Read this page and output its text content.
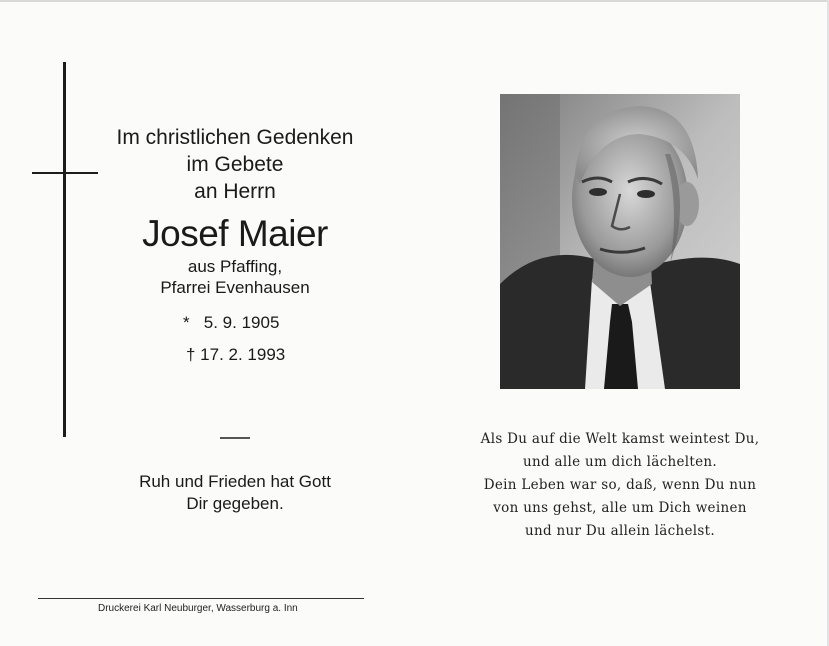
Im christlichen Gedenken
im Gebete
an Herrn
Josef Maier
aus Pfaffing,
Pfarrei Evenhausen
*   5. 9. 1905
† 17. 2. 1993
Ruh und Frieden hat Gott
Dir gegeben.
Druckerei Karl Neuburger, Wasserburg a. Inn
Als Du auf die Welt kamst weintest Du,
und alle um dich lächelten.
Dein Leben war so, daß, wenn Du nun
von uns gehst, alle um Dich weinen
und nur Du allein lächelst.
